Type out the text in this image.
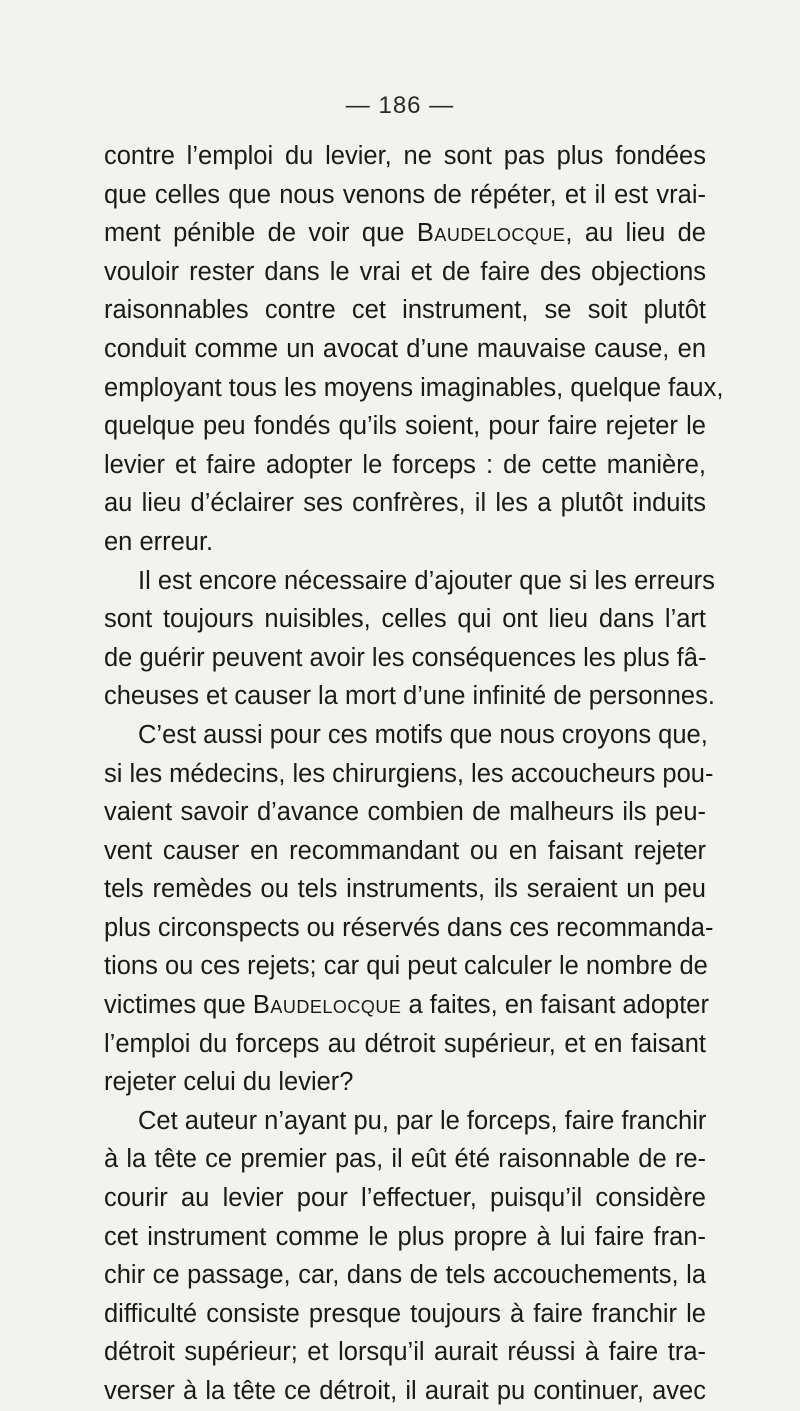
— 186 —
contre l’emploi du levier, ne sont pas plus fondées
que celles que nous venons de répéter, et il est vrai-
ment pénible de voir que Baudelocque, au lieu de
vouloir rester dans le vrai et de faire des objections
raisonnables contre cet instrument, se soit plutôt
conduit comme un avocat d’une mauvaise cause, en
employant tous les moyens imaginables, quelque faux,
quelque peu fondés qu’ils soient, pour faire rejeter le
levier et faire adopter le forceps : de cette manière,
au lieu d’éclairer ses confrères, il les a plutôt induits
en erreur.
Il est encore nécessaire d’ajouter que si les erreurs
sont toujours nuisibles, celles qui ont lieu dans l’art
de guérir peuvent avoir les conséquences les plus fâ-
cheuses et causer la mort d’une infinité de personnes.
C’est aussi pour ces motifs que nous croyons que,
si les médecins, les chirurgiens, les accoucheurs pou-
vaient savoir d’avance combien de malheurs ils peu-
vent causer en recommandant ou en faisant rejeter
tels remèdes ou tels instruments, ils seraient un peu
plus circonspects ou réservés dans ces recommanda-
tions ou ces rejets; car qui peut calculer le nombre de
victimes que Baudelocque a faites, en faisant adopter
l’emploi du forceps au détroit supérieur, et en faisant
rejeter celui du levier?
Cet auteur n’ayant pu, par le forceps, faire franchir
à la tête ce premier pas, il eût été raisonnable de re-
courir au levier pour l’effectuer, puisqu’il considère
cet instrument comme le plus propre à lui faire fran-
chir ce passage, car, dans de tels accouchements, la
difficulté consiste presque toujours à faire franchir le
détroit supérieur; et lorsqu’il aurait réussi à faire tra-
verser à la tête ce détroit, il aurait pu continuer, avec
